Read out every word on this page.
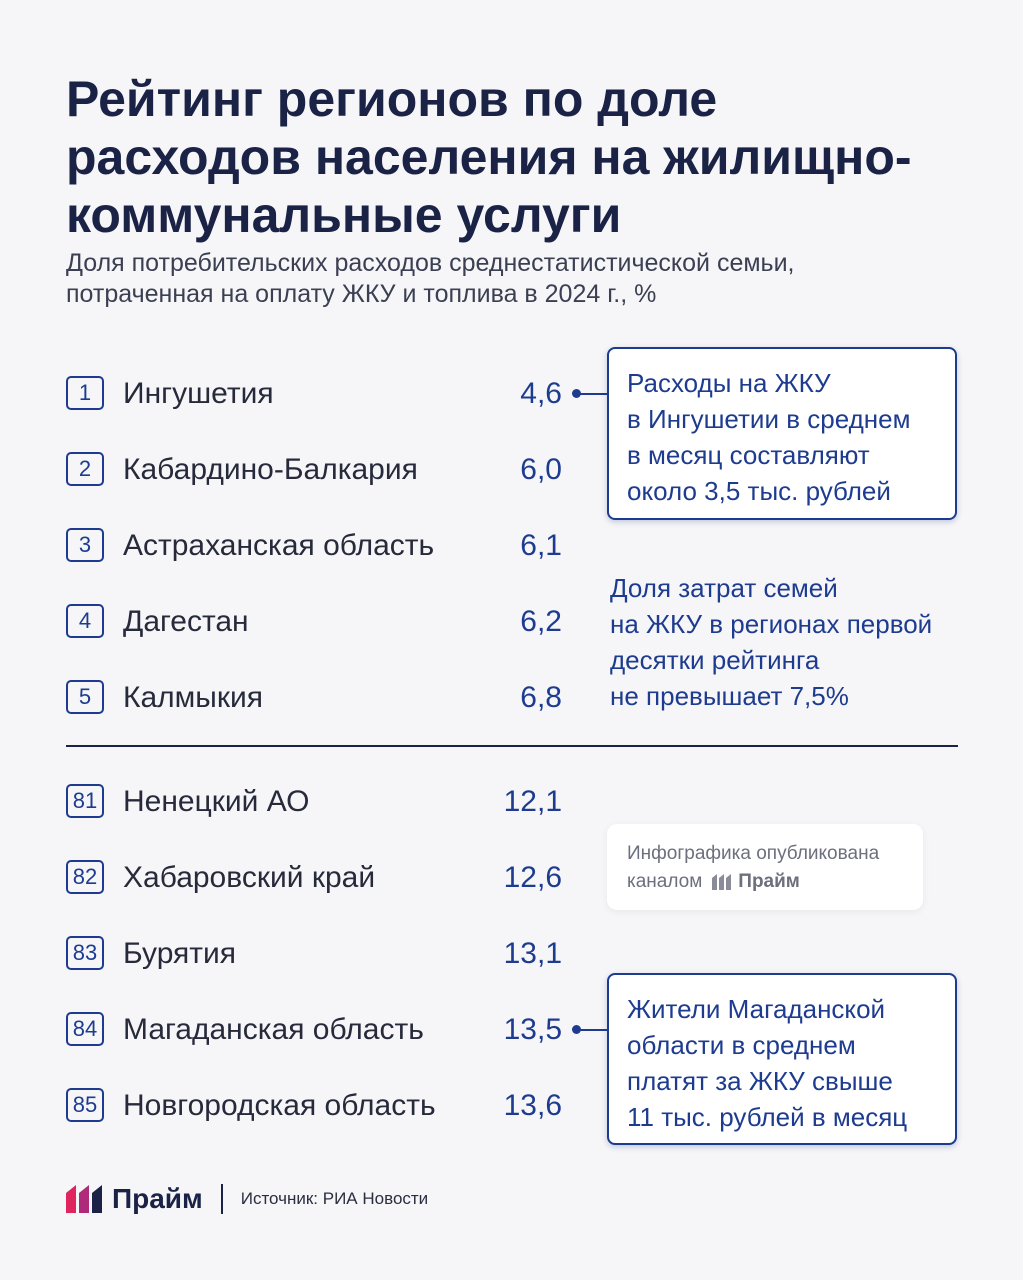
Рейтинг регионов по доле
расходов населения на жилищно-
коммунальные услуги
Доля потребительских расходов среднестатистической семьи,
потраченная на оплату ЖКУ и топлива в 2024 г., %
1	Ингушетия	4,6
2	Кабардино-Балкария	6,0
3	Астраханская область	6,1
4	Дагестан	6,2
5	Калмыкия	6,8
81 Ненецкий АО	12,1
82 Хабаровский край	12,6
83 Бурятия	13,1
84 Магаданская область	13,5
85 Новгородская область 13,6

Расходы на ЖКУ

в Ингушетии в среднем

в месяц составляют

около 3,5 тыс. рублей

Доля затрат семей

на ЖКУ в регионах первой

десятки рейтинга

не превышает 7,5%

Инфографика опубликована
каналом Прайм

Жители Магаданской

области в среднем

платят за ЖКУ свыше

11 тыс. рублей в месяц

Прайм Источник: РИА Новости
